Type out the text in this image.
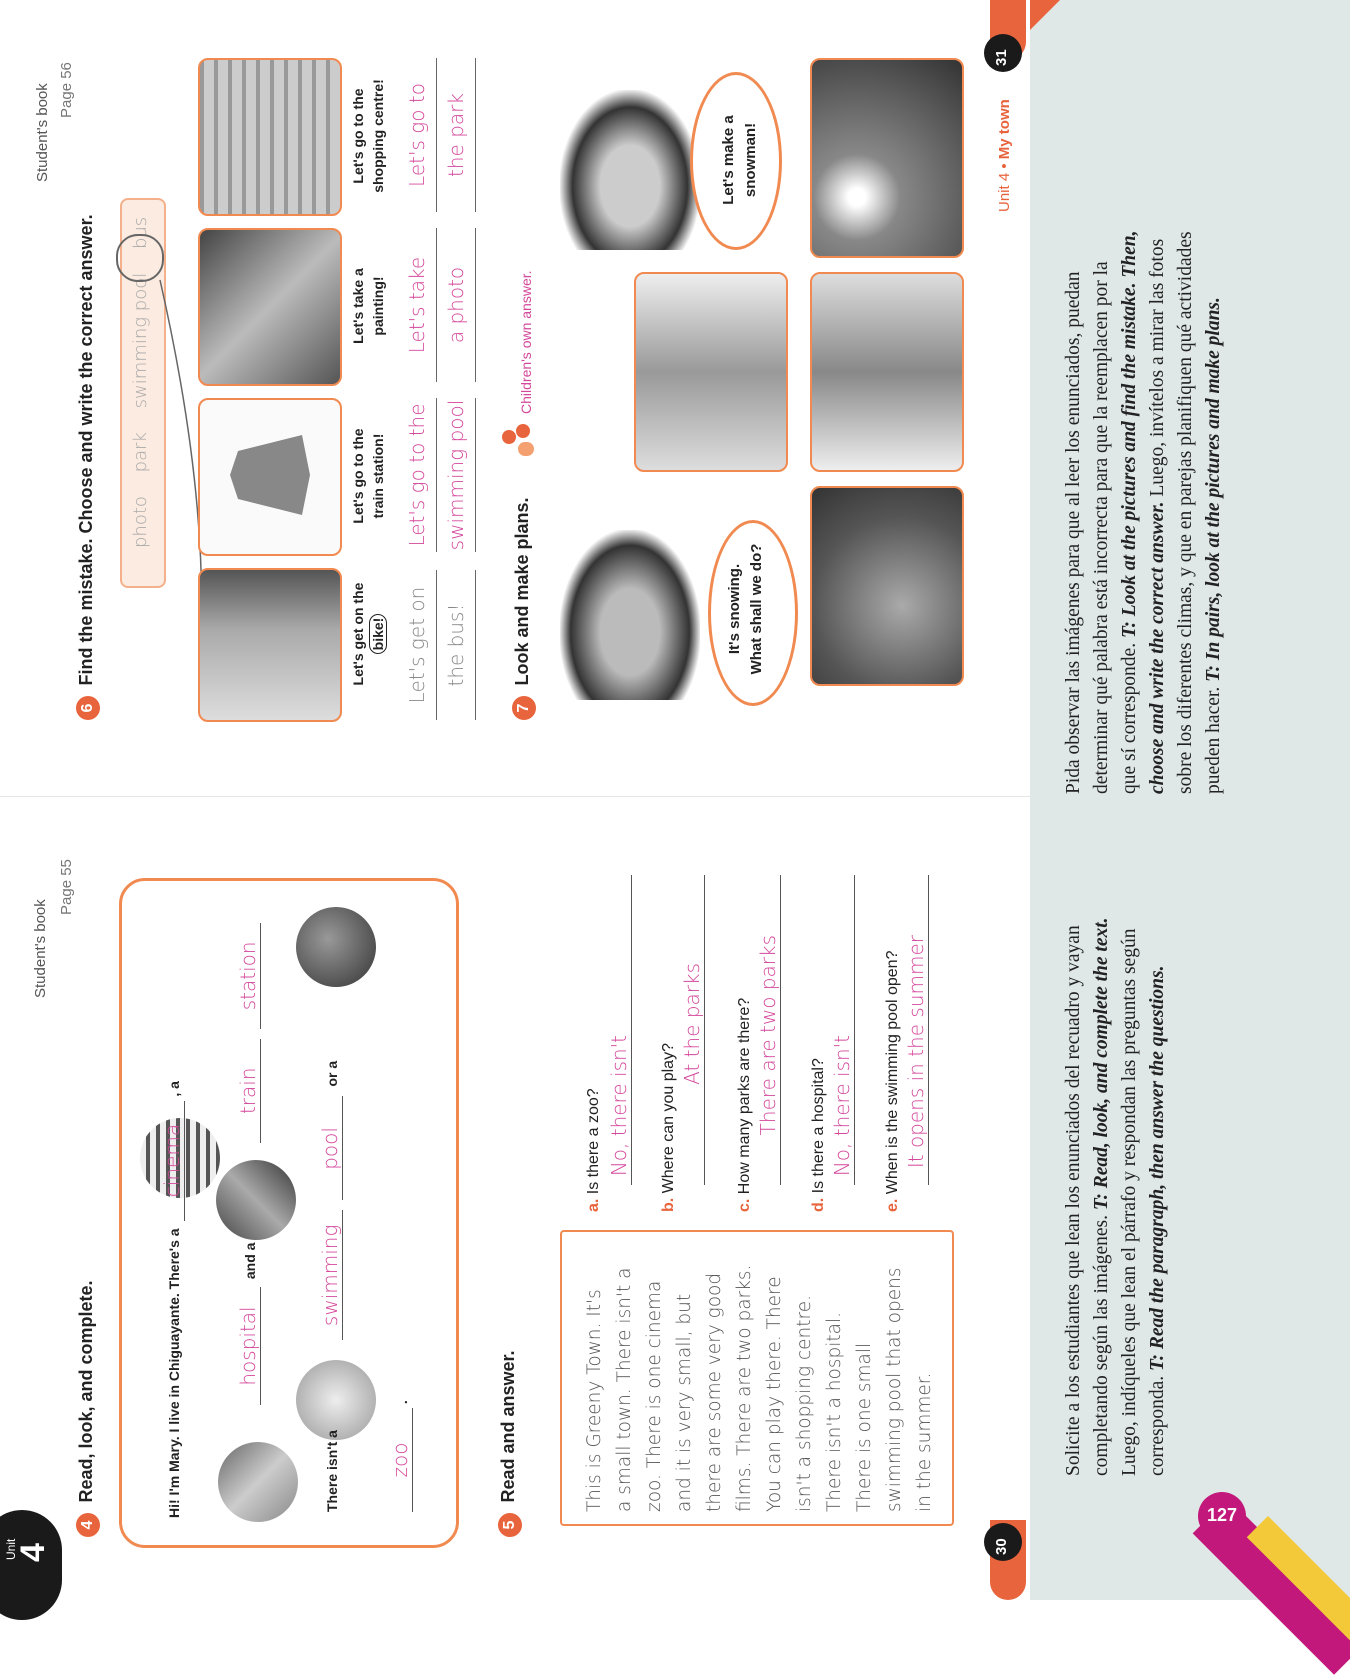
Unit
4
Student's book
Page 55
4 Read, look, and complete.	Hi! I'm Mary. I live in Chiguayante. There's a cinema , a
hospital and a  train station
There isn't a  swimming pool or a
zoo .
5 Read and answer.	This is Greeny Town. It's a small town. There isn't a zoo. There is one cinema and it is very small, but there are some very good films. There are two parks. You can play there. There isn't a shopping centre. There isn't a hospital. There is one small swimming pool that opens in the summer.
a. Is there a zoo? No, there isn't
b. Where can you play?
At the parks
c. How many parks are there? There are two parks
d. Is there a hospital? No, there isn't
e. When is the swimming pool open? It opens in the summer
30
Student's book Page 56
6 Find the mistake. Choose and write the correct answer. photo park swimming pool bus
Let's get on the bike! Let's get on the bus!
Let's go to the train station! Let's go to the swimming pool
Let's take a painting! Let's take a photo
Let's go to the shopping centre! Let's go to the park
7 Look and make plans.
Children's own answer.
It's snowing. What shall we do?
Let's make a snowman!	Unit 4 • My town
31
Solicite a los estudiantes que lean los enunciados del recuadro y vayan completando según las imágenes. T: Read, look, and complete the text. Luego, indíqueles que lean el párrafo y respondan las preguntas según corresponda. T: Read the paragraph, then answer the questions.
Pida observar las imágenes para que al leer los enunciados, puedan determinar qué palabra está incorrecta para que la reemplacen por la que sí corresponde. T: Look at the pictures and find the mistake. Then,
choose and write the correct answer. Luego, invítelos a mirar las fotos sobre los diferentes climas, y que en parejas planifiquen qué actividades pueden hacer. T: In pairs, look at the pictures and make plans.
127
